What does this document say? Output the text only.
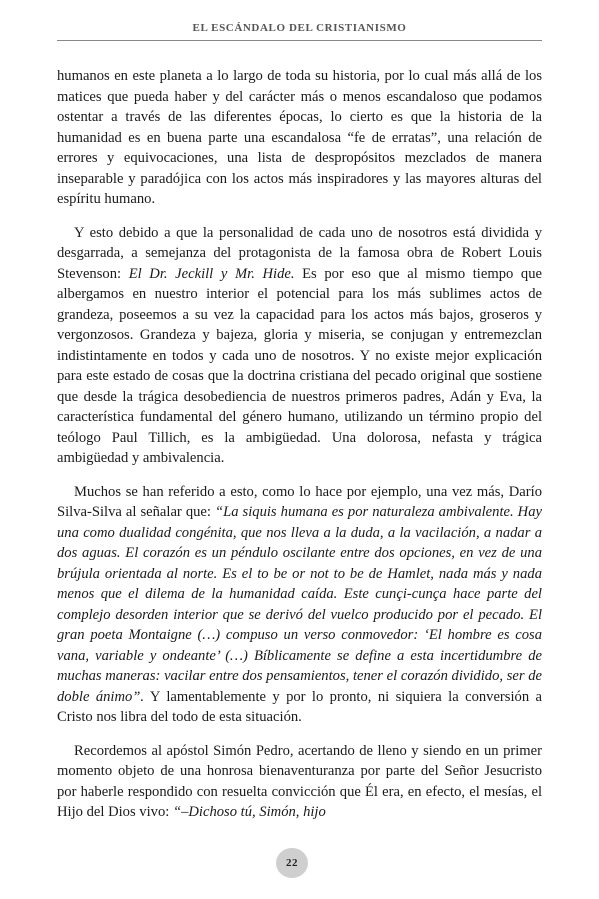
EL ESCÁNDALO DEL CRISTIANISMO

humanos en este planeta a lo largo de toda su historia, por lo cual más allá de los matices que pueda haber y del carácter más o menos escandaloso que podamos ostentar a través de las diferentes épocas, lo cierto es que la historia de la humanidad es en buena parte una escandalosa “fe de erratas”, una relación de errores y equivocaciones, una lista de despropósitos mezclados de manera inseparable y paradójica con los actos más inspiradores y las mayores alturas del espíritu humano.

Y esto debido a que la personalidad de cada uno de nosotros está dividida y desgarrada, a semejanza del protagonista de la famosa obra de Robert Louis Stevenson: El Dr. Jeckill y Mr. Hide. Es por eso que al mismo tiempo que albergamos en nuestro interior el potencial para los más sublimes actos de grandeza, poseemos a su vez la capacidad para los actos más bajos, groseros y vergonzosos. Grandeza y bajeza, gloria y miseria, se conjugan y entremezclan indistintamente en todos y cada uno de nosotros. Y no existe mejor explicación para este estado de cosas que la doctrina cristiana del pecado original que sostiene que desde la trágica desobediencia de nuestros primeros padres, Adán y Eva, la característica fundamental del género humano, utilizando un término propio del teólogo Paul Tillich, es la ambigüedad. Una dolorosa, nefasta y trágica ambigüedad y ambivalencia.

Muchos se han referido a esto, como lo hace por ejemplo, una vez más, Darío Silva-Silva al señalar que: “La siquis humana es por naturaleza ambivalente. Hay una como dualidad congénita, que nos lleva a la duda, a la vacilación, a nadar a dos aguas. El corazón es un péndulo oscilante entre dos opciones, en vez de una brújula orientada al norte. Es el to be or not to be de Hamlet, nada más y nada menos que el dilema de la humanidad caída. Este cunçi-cunça hace parte del complejo desorden interior que se derivó del vuelco producido por el pecado. El gran poeta Montaigne (…) compuso un verso conmovedor: ‘El hombre es cosa vana, variable y ondeante’ (…) Bíblicamente se define a esta incertidumbre de muchas maneras: vacilar entre dos pensamientos, tener el corazón dividido, ser de doble ánimo”. Y lamentablemente y por lo pronto, ni siquiera la conversión a Cristo nos libra del todo de esta situación.

Recordemos al apóstol Simón Pedro, acertando de lleno y siendo en un primer momento objeto de una honrosa bienaventuranza por parte del Señor Jesucristo por haberle respondido con resuelta convicción que Él era, en efecto, el mesías, el Hijo del Dios vivo: “–Dichoso tú, Simón, hijo

22
